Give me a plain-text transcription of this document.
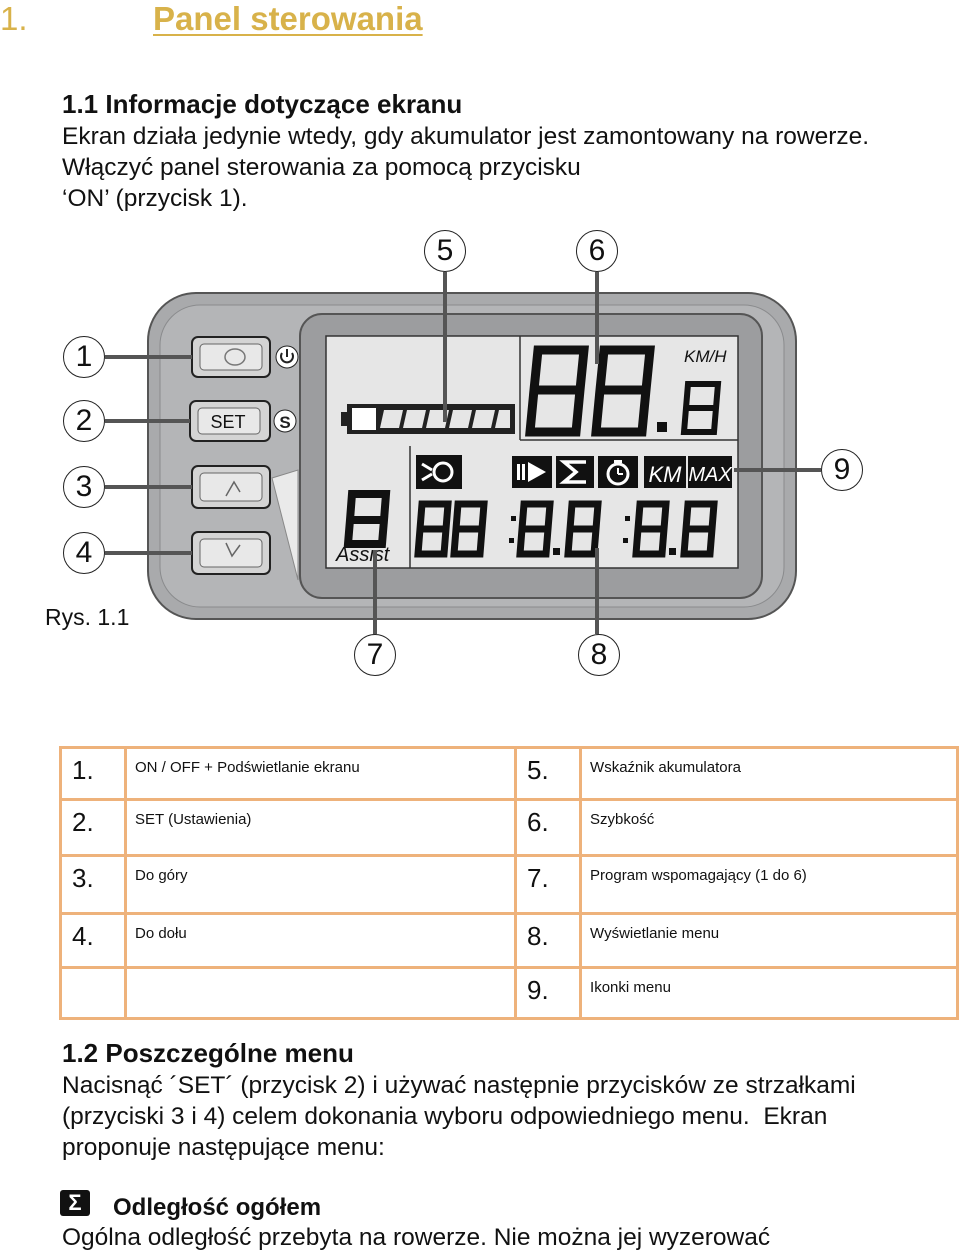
1.	Panel sterowania
1.1 Informacje dotyczące ekranu
Ekran działa jedynie wtedy, gdy akumulator jest zamontowany na rowerze.
Włączyć panel sterowania za pomocą przycisku
‘ON’ (przycisk 1).
SET S
KM/H
KM MAX
Assist
5	6
1
2
3
4
9
7	8
Rys. 1.1
1.	ON / OFF + Podświetlanie ekranu	5.	Wskaźnik akumulatora
2.	SET (Ustawienia)	6.	Szybkość
3.	Do góry	7.	Program wspomagający (1 do 6)
4.	Do dołu	8.	Wyświetlanie menu
		9.	Ikonki menu
1.2 Poszczególne menu
Nacisnąć ´SET´ (przycisk 2) i używać następnie przycisków ze strzałkami
(przyciski 3 i 4) celem dokonania wyboru odpowiedniego menu.  Ekran
proponuje następujące menu:
Σ	Odległość ogółem
Ogólna odległość przebyta na rowerze. Nie można jej wyzerować
